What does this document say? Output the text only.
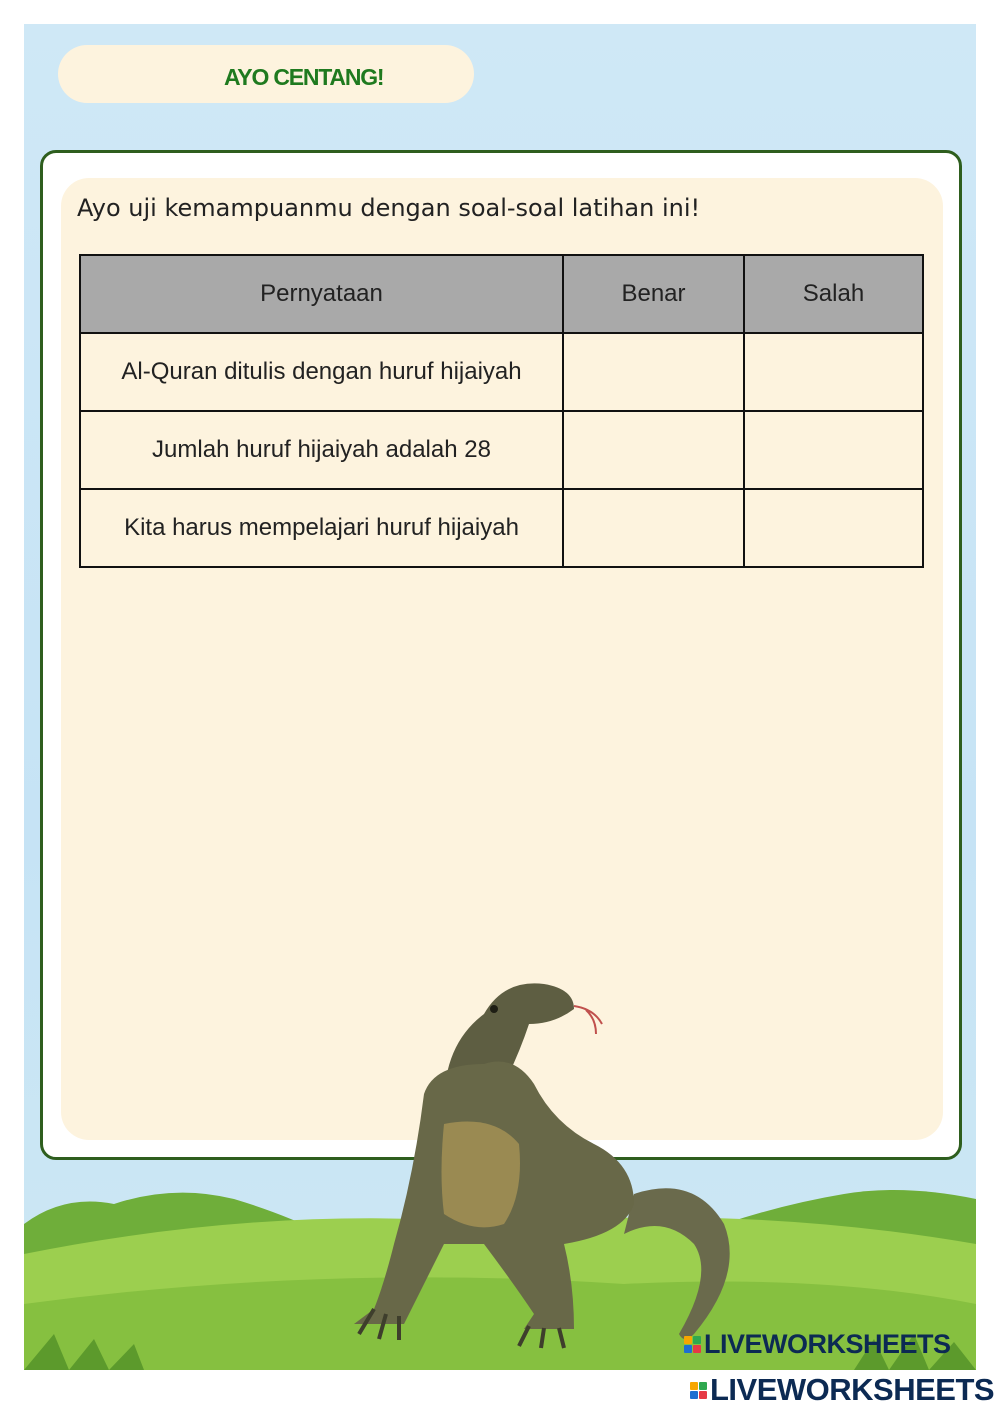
AYO CENTANG!
Ayo uji kemampuanmu dengan soal-soal latihan ini!
Pernyataan	Benar	Salah
Al-Quran ditulis dengan huruf hijaiyah		
Jumlah huruf hijaiyah adalah 28		
Kita harus mempelajari huruf hijaiyah		
LIVEWORKSHEETS
LIVEWORKSHEETS
